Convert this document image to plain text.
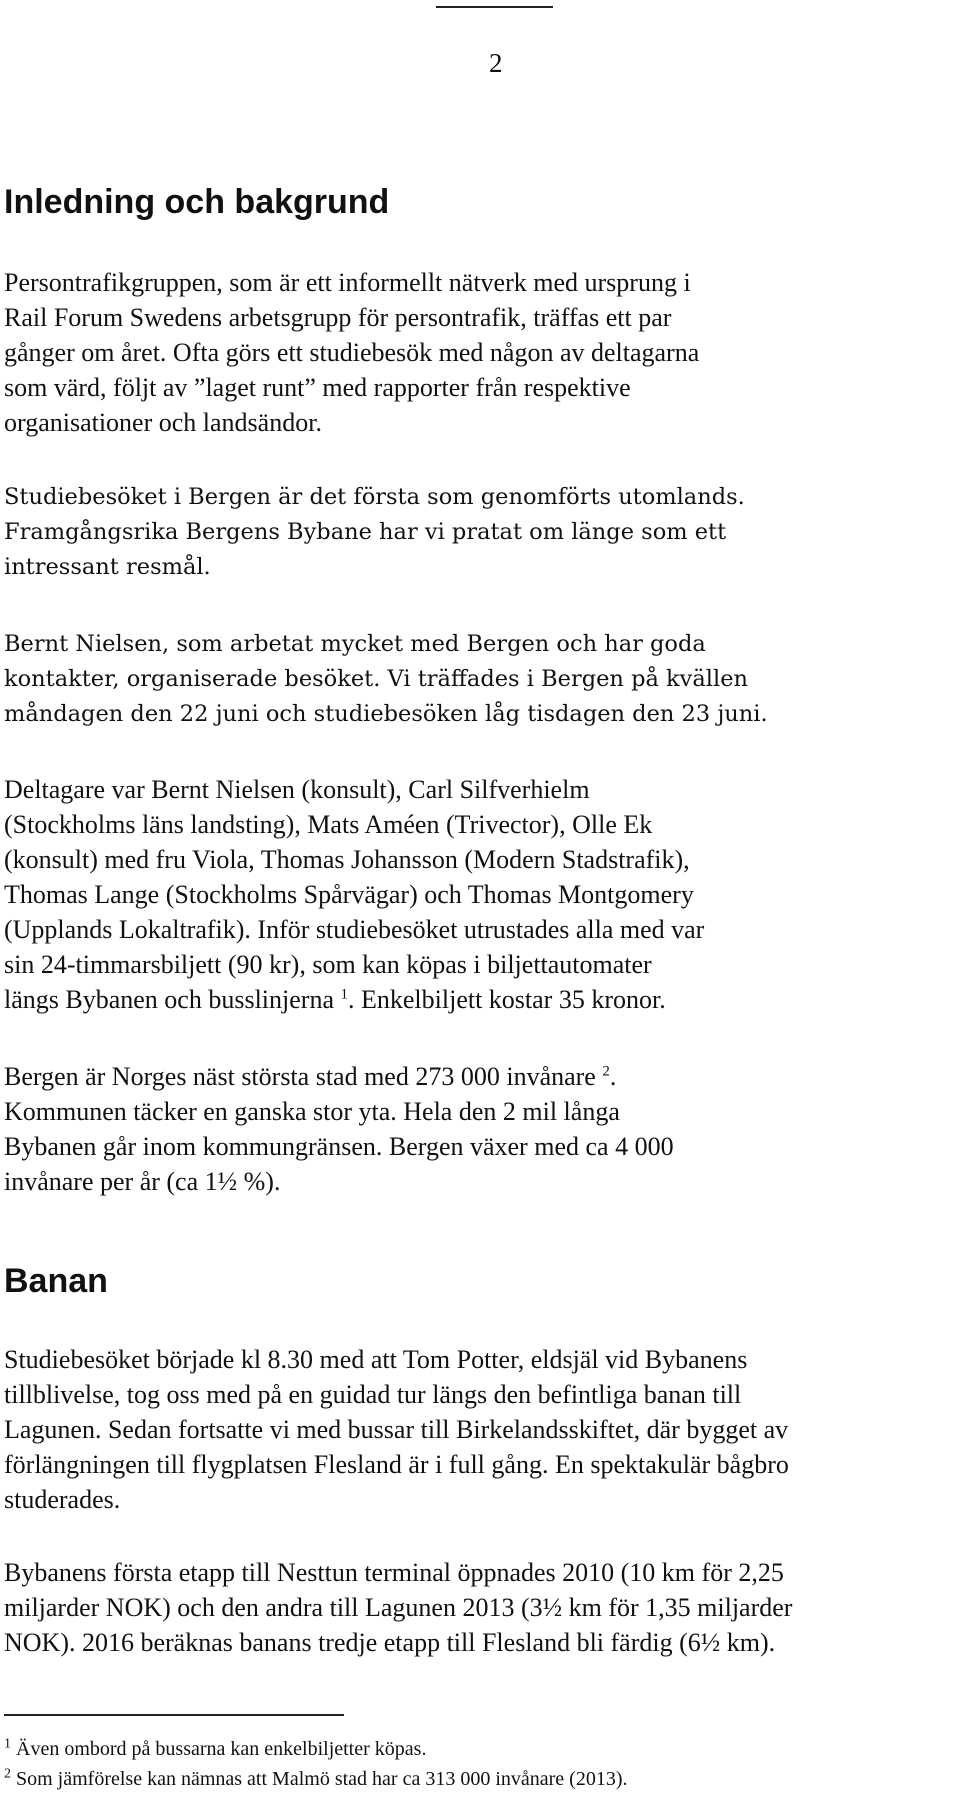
2
Inledning och bakgrund

Persontrafikgruppen, som är ett informellt nätverk med ursprung i
Rail Forum Swedens arbetsgrupp för persontrafik, träffas ett par
gånger om året. Ofta görs ett studiebesök med någon av deltagarna
som värd, följt av ”laget runt” med rapporter från respektive
organisationer och landsändor.

Studiebesöket i Bergen är det första som genomförts utomlands.
Framgångsrika Bergens Bybane har vi pratat om länge som ett
intressant resmål.

Bernt Nielsen, som arbetat mycket med Bergen och har goda
kontakter, organiserade besöket. Vi träffades i Bergen på kvällen
måndagen den 22 juni och studiebesöken låg tisdagen den 23 juni.

Deltagare var Bernt Nielsen (konsult), Carl Silfverhielm
(Stockholms läns landsting), Mats Améen (Trivector), Olle Ek
(konsult) med fru Viola, Thomas Johansson (Modern Stadstrafik),
Thomas Lange (Stockholms Spårvägar) och Thomas Montgomery
(Upplands Lokaltrafik). Inför studiebesöket utrustades alla med var
sin 24-timmarsbiljett (90 kr), som kan köpas i biljettautomater
längs Bybanen och busslinjerna $^1$. Enkelbiljett kostar 35 kronor.

Bergen är Norges näst största stad med 273 000 invånare $^2$.
Kommunen täcker en ganska stor yta. Hela den 2 mil långa
Bybanen går inom kommungränsen. Bergen växer med ca 4 000
invånare per år (ca 1½ %).

Banan

Studiebesöket började kl 8.30 med att Tom Potter, eldsjäl vid Bybanens
tillblivelse, tog oss med på en guidad tur längs den befintliga banan till
Lagunen. Sedan fortsatte vi med bussar till Birkelandsskiftet, där bygget av
förlängningen till flygplatsen Flesland är i full gång. En spektakulär bågbro
studerades.

Bybanens första etapp till Nesttun terminal öppnades 2010 (10 km för 2,25
miljarder NOK) och den andra till Lagunen 2013 (3½ km för 1,35 miljarder
NOK). 2016 beräknas banans tredje etapp till Flesland bli färdig (6½ km).

$^1$ Även ombord på bussarna kan enkelbiljetter köpas.
$^2$ Som jämförelse kan nämnas att Malmö stad har ca 313 000 invånare (2013).
